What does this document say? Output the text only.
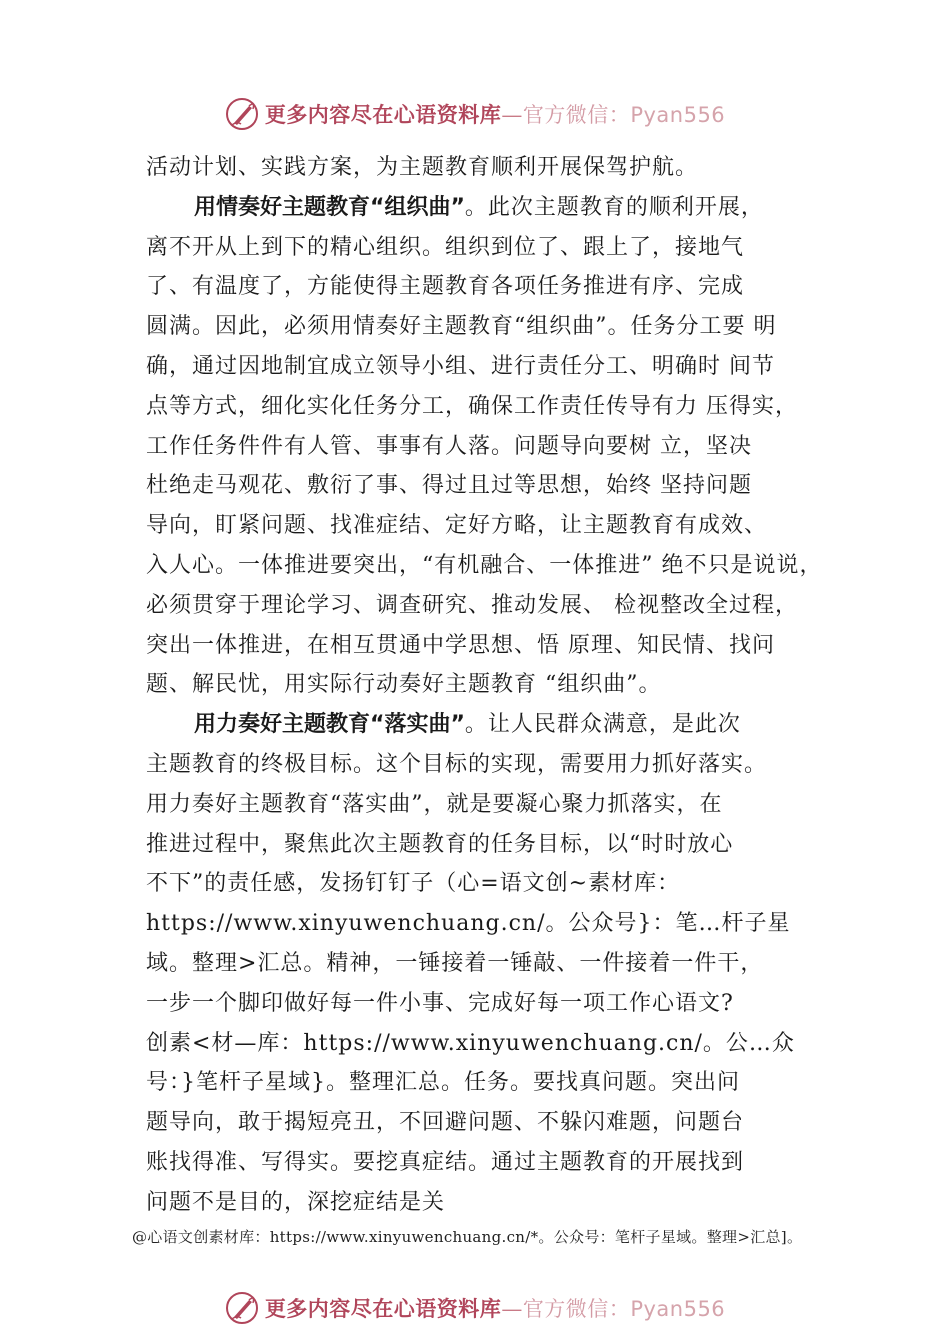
更多内容尽在心语资料库—官方微信：Pyan556
活动计划、实践方案，为主题教育顺利开展保驾护航。
用情奏好主题教育“组织曲”。此次主题教育的顺利开展，
离不开从上到下的精心组织。组织到位了、跟上了，接地气
了、有温度了，方能使得主题教育各项任务推进有序、完成
圆满。因此，必须用情奏好主题教育“组织曲”。任务分工要 明
确，通过因地制宜成立领导小组、进行责任分工、明确时 间节
点等方式，细化实化任务分工，确保工作责任传导有力 压得实，
工作任务件件有人管、事事有人落。问题导向要树 立，坚决
杜绝走马观花、敷衍了事、得过且过等思想，始终 坚持问题
导向，盯紧问题、找准症结、定好方略，让主题教育有成效、
入人心。一体推进要突出，“有机融合、一体推进” 绝不只是说说，
必须贯穿于理论学习、调查研究、推动发展、 检视整改全过程，
突出一体推进，在相互贯通中学思想、悟 原理、知民情、找问
题、解民忧，用实际行动奏好主题教育 “组织曲”。
用力奏好主题教育“落实曲”。让人民群众满意，是此次
主题教育的终极目标。这个目标的实现，需要用力抓好落实。
用力奏好主题教育“落实曲”，就是要凝心聚力抓落实，在
推进过程中，聚焦此次主题教育的任务目标，以“时时放心
不下”的责任感，发扬钉钉子（心=语文创~素材库：
https://www.xinyuwenchuang.cn/。公众号}：笔…杆子星
域。整理>汇总。精神，一锤接着一锤敲、一件接着一件干，
一步一个脚印做好每一件小事、完成好每一项工作心语文?
创素<材—库：https://www.xinyuwenchuang.cn/。公…众
号：}笔杆子星域}。整理汇总。任务。要找真问题。突出问
题导向，敢于揭短亮丑，不回避问题、不躲闪难题，问题台
账找得准、写得实。要挖真症结。通过主题教育的开展找到
问题不是目的，深挖症结是关
@心语文创素材库：https://www.xinyuwenchuang.cn/*。公众号：笔杆子星域。整理>汇总]。
更多内容尽在心语资料库—官方微信：Pyan556
